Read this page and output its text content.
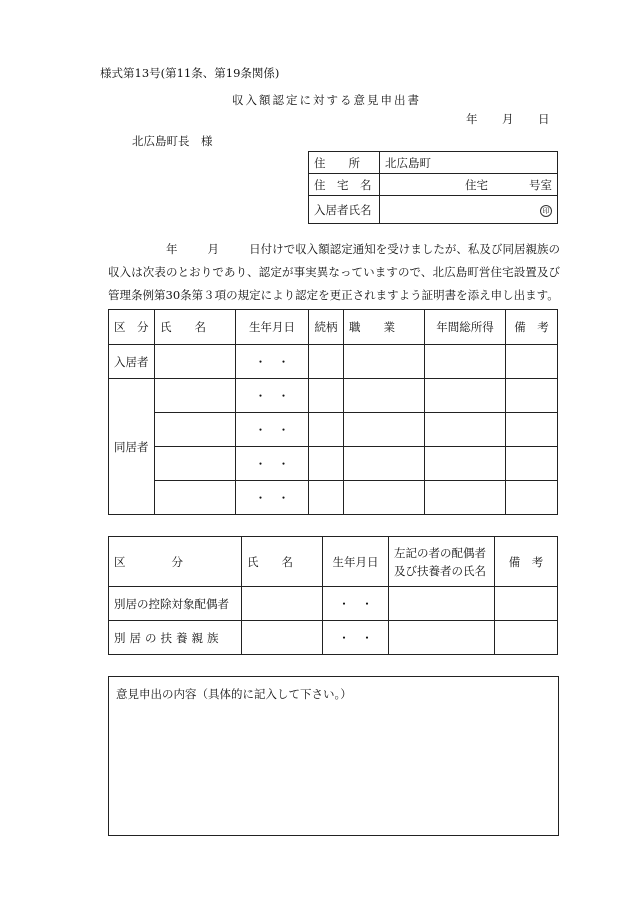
様式第13号(第11条、第19条関係)
収入額認定に対する意見申出書
年 月 日
北広島町長　様
住　　所	北広島町
住　宅　名	住宅 号室

入居者氏名	印
年	月	日付けで収入額認定通知を受けましたが、私及び同居親族の収入は次表のとおりであり、認定が事実異なっていますので、北広島町営住宅設置及び管理条例第30条第３項の規定により認定を更正されますよう証明書を添え申し出ます。
区　分	氏　　名	生年月日	続柄	職　　業	年間総所得	備　考
入居者		・　・				
同居者		・　・				
		・　・				
		・　・				
		・　・				
区　　　　分	氏　　名	生年月日	左記の者の配偶者
及び扶養者の氏名	備　考
別居の控除対象配偶者		・　・		
別居の扶養親族		・　・		
意見申出の内容（具体的に記入して下さい。）
